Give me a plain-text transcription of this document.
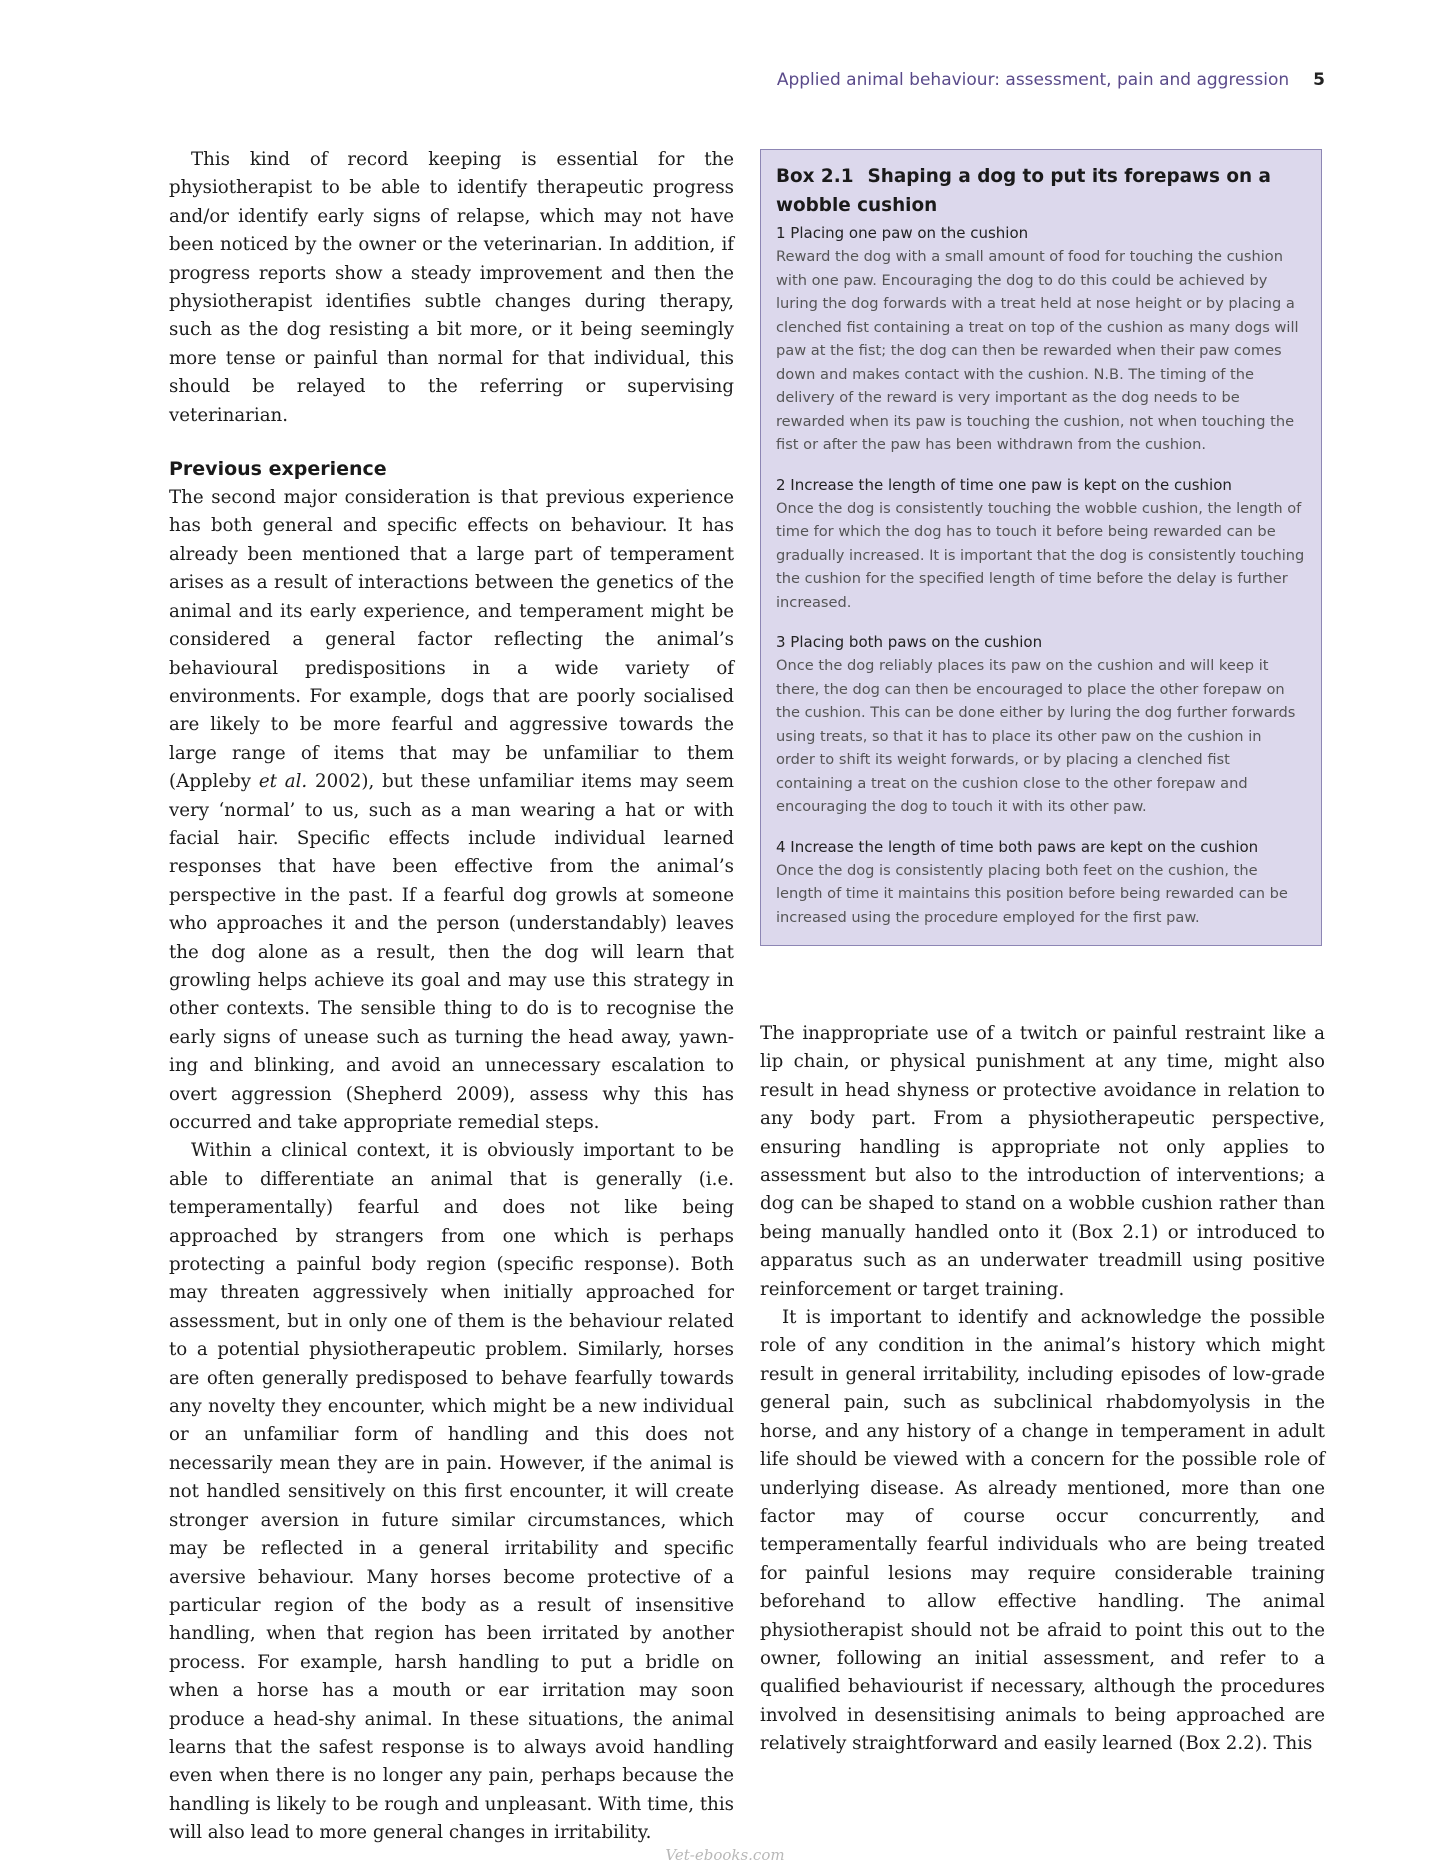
Applied animal behaviour: assessment, pain and aggression 5

This kind of record keeping is essential for the physiotherapist to be able to identify therapeutic progress and/or identify early signs of relapse, which may not have been noticed by the owner or the veterinarian. In addition, if progress reports show a steady improvement and then the physiotherapist identifies subtle changes during therapy, such as the dog resisting a bit more, or it being seemingly more tense or painful than normal for that individual, this should be relayed to the referring or supervising veterinarian.

Previous experience

The second major consideration is that previous experience has both general and specific effects on behaviour. It has already been mentioned that a large part of temperament arises as a result of interactions between the genetics of the animal and its early experience, and temperament might be considered a general factor reflecting the animal’s behavioural predispositions in a wide variety of environments. For example, dogs that are poorly socialised are likely to be more fearful and aggressive towards the large range of items that may be unfamiliar to them (Appleby et al. 2002), but these unfamiliar items may seem very ‘normal’ to us, such as a man wearing a hat or with facial hair. Specific effects include individual learned responses that have been effective from the animal’s perspective in the past. If a fearful dog growls at someone who approaches it and the person (understandably) leaves the dog alone as a result, then the dog will learn that growling helps achieve its goal and may use this strategy in other contexts. The sensible thing to do is to recognise the early signs of unease such as turning the head away, yawning and blinking, and avoid an unnecessary escalation to overt aggression (Shepherd 2009), assess why this has occurred and take appropriate remedial steps.

Within a clinical context, it is obviously important to be able to differentiate an animal that is generally (i.e. temperamentally) fearful and does not like being approached by strangers from one which is perhaps protecting a painful body region (specific response). Both may threaten aggressively when initially approached for assessment, but in only one of them is the behaviour related to a potential physiotherapeutic problem. Similarly, horses are often generally predisposed to behave fearfully towards any novelty they encounter, which might be a new individual or an unfamiliar form of handling and this does not necessarily mean they are in pain. However, if the animal is not handled sensitively on this first encounter, it will create stronger aversion in future similar circumstances, which may be reflected in a general irritability and specific aversive behaviour. Many horses become protective of a particular region of the body as a result of insensitive handling, when that region has been irritated by another process. For example, harsh handling to put a bridle on when a horse has a mouth or ear irritation may soon produce a head-shy animal. In these situations, the animal learns that the safest response is to always avoid handling even when there is no longer any pain, perhaps because the handling is likely to be rough and unpleasant. With time, this will also lead to more general changes in irritability.

Box 2.1 Shaping a dog to put its forepaws on a wobble cushion
1 Placing one paw on the cushion
Reward the dog with a small amount of food for touching the cushion with one paw. Encouraging the dog to do this could be achieved by luring the dog forwards with a treat held at nose height or by placing a clenched fist containing a treat on top of the cushion as many dogs will paw at the fist; the dog can then be rewarded when their paw comes down and makes contact with the cushion. N.B. The timing of the delivery of the reward is very important as the dog needs to be rewarded when its paw is touching the cushion, not when touching the fist or after the paw has been withdrawn from the cushion.
2 Increase the length of time one paw is kept on the cushion
Once the dog is consistently touching the wobble cushion, the length of time for which the dog has to touch it before being rewarded can be gradually increased. It is important that the dog is consistently touching the cushion for the specified length of time before the delay is further increased.
3 Placing both paws on the cushion
Once the dog reliably places its paw on the cushion and will keep it there, the dog can then be encouraged to place the other forepaw on the cushion. This can be done either by luring the dog further forwards using treats, so that it has to place its other paw on the cushion in order to shift its weight forwards, or by placing a clenched fist containing a treat on the cushion close to the other forepaw and encouraging the dog to touch it with its other paw.
4 Increase the length of time both paws are kept on the cushion
Once the dog is consistently placing both feet on the cushion, the length of time it maintains this position before being rewarded can be increased using the procedure employed for the first paw.

The inappropriate use of a twitch or painful restraint like a lip chain, or physical punishment at any time, might also result in head shyness or protective avoidance in relation to any body part. From a physiotherapeutic perspective, ensuring handling is appropriate not only applies to assessment but also to the introduction of interventions; a dog can be shaped to stand on a wobble cushion rather than being manually handled onto it (Box 2.1) or introduced to apparatus such as an underwater treadmill using positive reinforcement or target training.

It is important to identify and acknowledge the possible role of any condition in the animal’s history which might result in general irritability, including episodes of low-grade general pain, such as subclinical rhabdomyolysis in the horse, and any history of a change in temperament in adult life should be viewed with a concern for the possible role of underlying disease. As already mentioned, more than one factor may of course occur concurrently, and temperamentally fearful individuals who are being treated for painful lesions may require considerable training beforehand to allow effective handling. The animal physiotherapist should not be afraid to point this out to the owner, following an initial assessment, and refer to a qualified behaviourist if necessary, although the procedures involved in desensitising animals to being approached are relatively straightforward and easily learned (Box 2.2). This

Vet-ebooks.com
